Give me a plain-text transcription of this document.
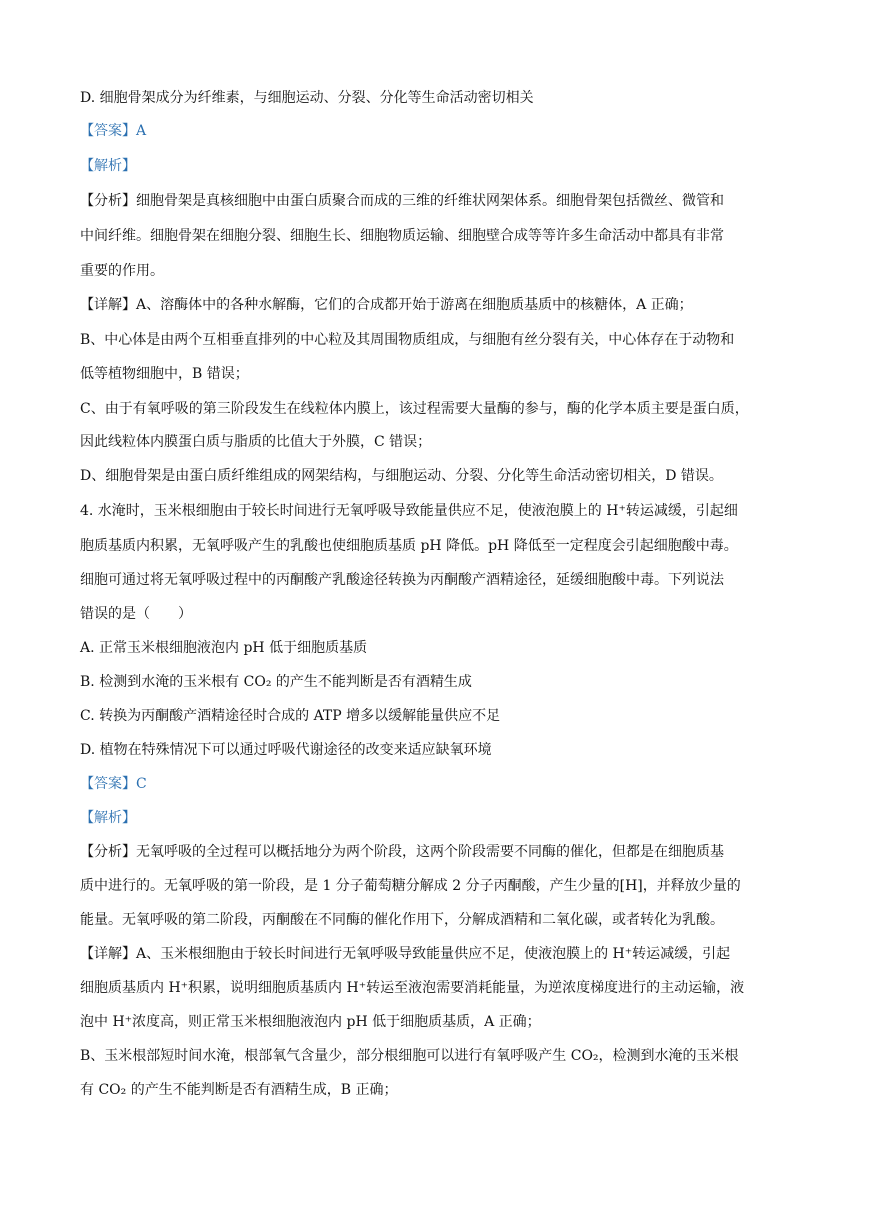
D. 细胞骨架成分为纤维素，与细胞运动、分裂、分化等生命活动密切相关
【答案】A
【解析】
【分析】细胞骨架是真核细胞中由蛋白质聚合而成的三维的纤维状网架体系。细胞骨架包括微丝、微管和
中间纤维。细胞骨架在细胞分裂、细胞生长、细胞物质运输、细胞壁合成等等许多生命活动中都具有非常
重要的作用。
【详解】A、溶酶体中的各种水解酶，它们的合成都开始于游离在细胞质基质中的核糖体，A 正确；
B、中心体是由两个互相垂直排列的中心粒及其周围物质组成，与细胞有丝分裂有关，中心体存在于动物和
低等植物细胞中，B 错误；
C、由于有氧呼吸的第三阶段发生在线粒体内膜上，该过程需要大量酶的参与，酶的化学本质主要是蛋白质，
因此线粒体内膜蛋白质与脂质的比值大于外膜，C 错误；
D、细胞骨架是由蛋白质纤维组成的网架结构，与细胞运动、分裂、分化等生命活动密切相关，D 错误。
4. 水淹时，玉米根细胞由于较长时间进行无氧呼吸导致能量供应不足，使液泡膜上的 H⁺转运减缓，引起细
胞质基质内积累，无氧呼吸产生的乳酸也使细胞质基质 pH 降低。pH 降低至一定程度会引起细胞酸中毒。
细胞可通过将无氧呼吸过程中的丙酮酸产乳酸途径转换为丙酮酸产酒精途径，延缓细胞酸中毒。下列说法
错误的是（　　）
A. 正常玉米根细胞液泡内 pH 低于细胞质基质
B. 检测到水淹的玉米根有 CO₂ 的产生不能判断是否有酒精生成
C. 转换为丙酮酸产酒精途径时合成的 ATP 增多以缓解能量供应不足
D. 植物在特殊情况下可以通过呼吸代谢途径的改变来适应缺氧环境
【答案】C
【解析】
【分析】无氧呼吸的全过程可以概括地分为两个阶段，这两个阶段需要不同酶的催化，但都是在细胞质基
质中进行的。无氧呼吸的第一阶段，是 1 分子葡萄糖分解成 2 分子丙酮酸，产生少量的[H]，并释放少量的
能量。无氧呼吸的第二阶段，丙酮酸在不同酶的催化作用下，分解成酒精和二氧化碳，或者转化为乳酸。
【详解】A、玉米根细胞由于较长时间进行无氧呼吸导致能量供应不足，使液泡膜上的 H⁺转运减缓，引起
细胞质基质内 H⁺积累，说明细胞质基质内 H⁺转运至液泡需要消耗能量，为逆浓度梯度进行的主动运输，液
泡中 H⁺浓度高，则正常玉米根细胞液泡内 pH 低于细胞质基质，A 正确；
B、玉米根部短时间水淹，根部氧气含量少，部分根细胞可以进行有氧呼吸产生 CO₂，检测到水淹的玉米根
有 CO₂ 的产生不能判断是否有酒精生成，B 正确；
